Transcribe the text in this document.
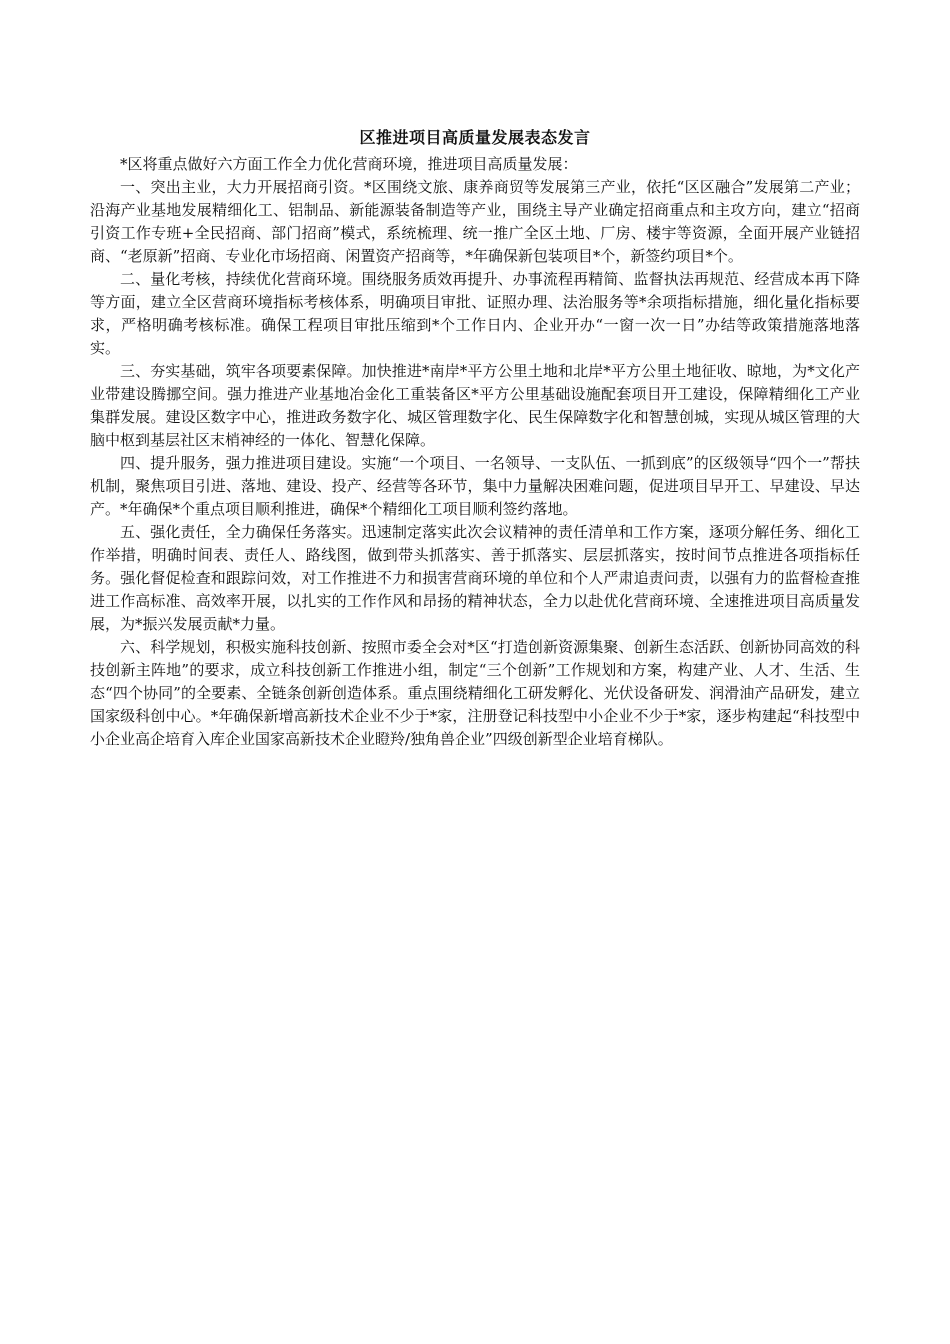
区推进项目高质量发展表态发言

*区将重点做好六方面工作全力优化营商环境，推进项目高质量发展：

一、突出主业，大力开展招商引资。*区围绕文旅、康养商贸等发展第三产业，依托“区区融合”发展第二产业；沿海产业基地发展精细化工、铝制品、新能源装备制造等产业，围绕主导产业确定招商重点和主攻方向，建立“招商引资工作专班+全民招商、部门招商”模式，系统梳理、统一推广全区土地、厂房、楼宇等资源，全面开展产业链招商、“老原新”招商、专业化市场招商、闲置资产招商等，*年确保新包装项目*个，新签约项目*个。

二、量化考核，持续优化营商环境。围绕服务质效再提升、办事流程再精简、监督执法再规范、经营成本再下降等方面，建立全区营商环境指标考核体系，明确项目审批、证照办理、法治服务等*余项指标措施，细化量化指标要求，严格明确考核标准。确保工程项目审批压缩到*个工作日内、企业开办“一窗一次一日”办结等政策措施落地落实。

三、夯实基础，筑牢各项要素保障。加快推进*南岸*平方公里土地和北岸*平方公里土地征收、晾地，为*文化产业带建设腾挪空间。强力推进产业基地冶金化工重装备区*平方公里基础设施配套项目开工建设，保障精细化工产业集群发展。建设区数字中心，推进政务数字化、城区管理数字化、民生保障数字化和智慧创城，实现从城区管理的大脑中枢到基层社区末梢神经的一体化、智慧化保障。

四、提升服务，强力推进项目建设。实施“一个项目、一名领导、一支队伍、一抓到底”的区级领导“四个一”帮扶机制，聚焦项目引进、落地、建设、投产、经营等各环节，集中力量解决困难问题，促进项目早开工、早建设、早达产。*年确保*个重点项目顺利推进，确保*个精细化工项目顺利签约落地。

五、强化责任，全力确保任务落实。迅速制定落实此次会议精神的责任清单和工作方案，逐项分解任务、细化工作举措，明确时间表、责任人、路线图，做到带头抓落实、善于抓落实、层层抓落实，按时间节点推进各项指标任务。强化督促检查和跟踪问效，对工作推进不力和损害营商环境的单位和个人严肃追责问责，以强有力的监督检查推进工作高标准、高效率开展，以扎实的工作作风和昂扬的精神状态，全力以赴优化营商环境、全速推进项目高质量发展，为*振兴发展贡献*力量。

六、科学规划，积极实施科技创新、按照市委全会对*区“打造创新资源集聚、创新生态活跃、创新协同高效的科技创新主阵地”的要求，成立科技创新工作推进小组，制定“三个创新”工作规划和方案，构建产业、人才、生活、生态“四个协同”的全要素、全链条创新创造体系。重点围绕精细化工研发孵化、光伏设备研发、润滑油产品研发，建立国家级科创中心。*年确保新增高新技术企业不少于*家，注册登记科技型中小企业不少于*家，逐步构建起“科技型中小企业高企培育入库企业国家高新技术企业瞪羚/独角兽企业”四级创新型企业培育梯队。
